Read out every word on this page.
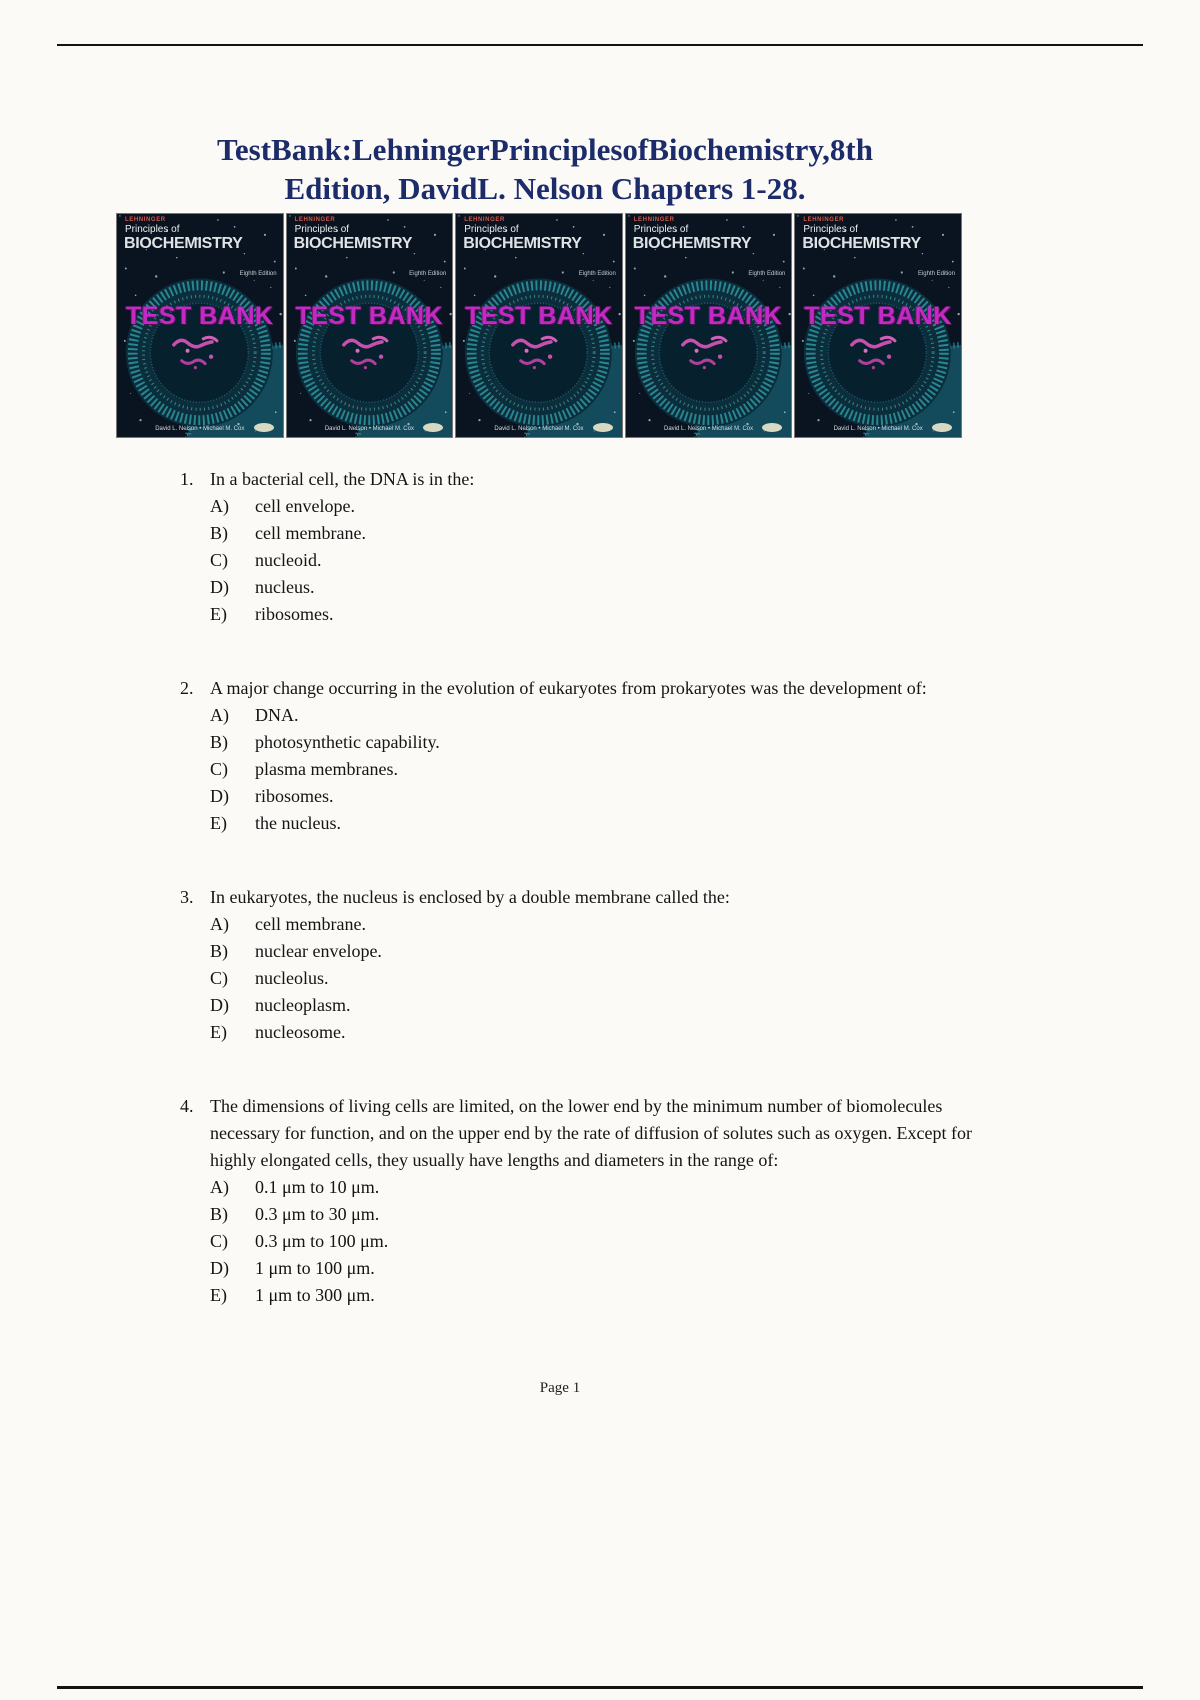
TestBank:LehningerPrinciplesofBiochemistry,8th
Edition, DavidL. Nelson Chapters 1-28.
LEHNINGER
Principles of
BIOCHEMISTRY
Eighth Edition
TEST BANK
David L. Nelson • Michael M. Cox
LEHNINGER
Principles of
BIOCHEMISTRY
Eighth Edition
TEST BANK
David L. Nelson • Michael M. Cox
LEHNINGER
Principles of
BIOCHEMISTRY
Eighth Edition
TEST BANK
David L. Nelson • Michael M. Cox
LEHNINGER
Principles of
BIOCHEMISTRY
Eighth Edition
TEST BANK
David L. Nelson • Michael M. Cox
LEHNINGER
Principles of
BIOCHEMISTRY
Eighth Edition
TEST BANK
David L. Nelson • Michael M. Cox
1. In a bacterial cell, the DNA is in the:
A)	cell envelope.
B)	cell membrane.
C)	nucleoid.
D)	nucleus.
E)	ribosomes.
2. A major change occurring in the evolution of eukaryotes from prokaryotes was the development of:
A)	DNA.
B)	photosynthetic capability.
C)	plasma membranes.
D)	ribosomes.
E)	the nucleus.
3. In eukaryotes, the nucleus is enclosed by a double membrane called the:
A)	cell membrane.
B)	nuclear envelope.
C)	nucleolus.
D)	nucleoplasm.
E)	nucleosome.
4. The dimensions of living cells are limited, on the lower end by the minimum number of biomolecules necessary for function, and on the upper end by the rate of diffusion of solutes such as oxygen. Except for highly elongated cells, they usually have lengths and diameters in the range of:
A)	0.1 μm to 10 μm.
B)	0.3 μm to 30 μm.
C)	0.3 μm to 100 μm.
D)	1 μm to 100 μm.
E)	1 μm to 300 μm.
Page 1
